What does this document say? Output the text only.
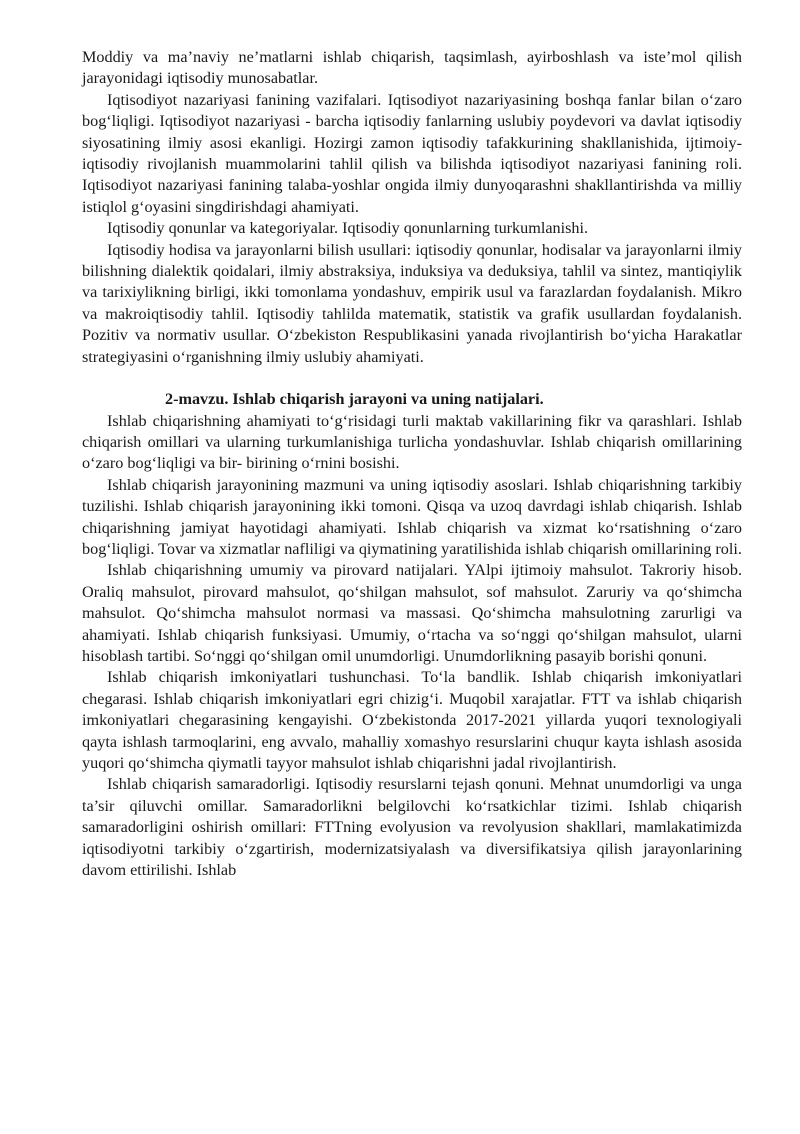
Moddiy va ma’naviy ne’matlarni ishlab chiqarish, taqsimlash, ayirboshlash va iste’mol qilish jarayonidagi iqtisodiy munosabatlar.

Iqtisodiyot nazariyasi fanining vazifalari. Iqtisodiyot nazariyasining boshqa fanlar bilan o‘zaro bog‘liqligi. Iqtisodiyot nazariyasi - barcha iqtisodiy fanlarning uslubiy poydevori va davlat iqtisodiy siyosatining ilmiy asosi ekanligi. Hozirgi zamon iqtisodiy tafakkurining shakllanishida, ijtimoiy- iqtisodiy rivojlanish muammolarini tahlil qilish va bilishda iqtisodiyot nazariyasi fanining roli. Iqtisodiyot nazariyasi fanining talaba-yoshlar ongida ilmiy dunyoqarashni shakllantirishda va milliy istiqlol g‘oyasini singdirishdagi ahamiyati.

Iqtisodiy qonunlar va kategoriyalar. Iqtisodiy qonunlarning turkumlanishi.

Iqtisodiy hodisa va jarayonlarni bilish usullari: iqtisodiy qonunlar, hodisalar va jarayonlarni ilmiy bilishning dialektik qoidalari, ilmiy abstraksiya, induksiya va deduksiya, tahlil va sintez, mantiqiylik va tarixiylikning birligi, ikki tomonlama yondashuv, empirik usul va farazlardan foydalanish. Mikro va makroiqtisodiy tahlil. Iqtisodiy tahlilda matematik, statistik va grafik usullardan foydalanish. Pozitiv va normativ usullar. O‘zbekiston Respublikasini yanada rivojlantirish bo‘yicha Harakatlar strategiyasini o‘rganishning ilmiy uslubiy ahamiyati.

2-mavzu. Ishlab chiqarish jarayoni va uning natijalari.

Ishlab chiqarishning ahamiyati to‘g‘risidagi turli maktab vakillarining fikr va qarashlari. Ishlab chiqarish omillari va ularning turkumlanishiga turlicha yondashuvlar. Ishlab chiqarish omillarining o‘zaro bog‘liqligi va bir- birining o‘rnini bosishi.

Ishlab chiqarish jarayonining mazmuni va uning iqtisodiy asoslari. Ishlab chiqarishning tarkibiy tuzilishi. Ishlab chiqarish jarayonining ikki tomoni. Qisqa va uzoq davrdagi ishlab chiqarish. Ishlab chiqarishning jamiyat hayotidagi ahamiyati. Ishlab chiqarish va xizmat ko‘rsatishning o‘zaro bog‘liqligi. Tovar va xizmatlar nafliligi va qiymatining yaratilishida ishlab chiqarish omillarining roli.

Ishlab chiqarishning umumiy va pirovard natijalari. YAlpi ijtimoiy mahsulot. Takroriy hisob. Oraliq mahsulot, pirovard mahsulot, qo‘shilgan mahsulot, sof mahsulot. Zaruriy va qo‘shimcha mahsulot. Qo‘shimcha mahsulot normasi va massasi. Qo‘shimcha mahsulotning zarurligi va ahamiyati. Ishlab chiqarish funksiyasi. Umumiy, o‘rtacha va so‘nggi qo‘shilgan mahsulot, ularni hisoblash tartibi. So‘nggi qo‘shilgan omil unumdorligi. Unumdorlikning pasayib borishi qonuni.

Ishlab chiqarish imkoniyatlari tushunchasi. To‘la bandlik. Ishlab chiqarish imkoniyatlari chegarasi. Ishlab chiqarish imkoniyatlari egri chizig‘i. Muqobil xarajatlar. FTT va ishlab chiqarish imkoniyatlari chegarasining kengayishi. O‘zbekistonda 2017-2021 yillarda yuqori texnologiyali qayta ishlash tarmoqlarini, eng avvalo, mahalliy xomashyo resurslarini chuqur kayta ishlash asosida yuqori qo‘shimcha qiymatli tayyor mahsulot ishlab chiqarishni jadal rivojlantirish.

Ishlab chiqarish samaradorligi. Iqtisodiy resurslarni tejash qonuni. Mehnat unumdorligi va unga ta’sir qiluvchi omillar. Samaradorlikni belgilovchi ko‘rsatkichlar tizimi. Ishlab chiqarish samaradorligini oshirish omillari: FTTning evolyusion va revolyusion shakllari, mamlakatimizda iqtisodiyotni tarkibiy o‘zgartirish, modernizatsiyalash va diversifikatsiya qilish jarayonlarining davom ettirilishi. Ishlab
